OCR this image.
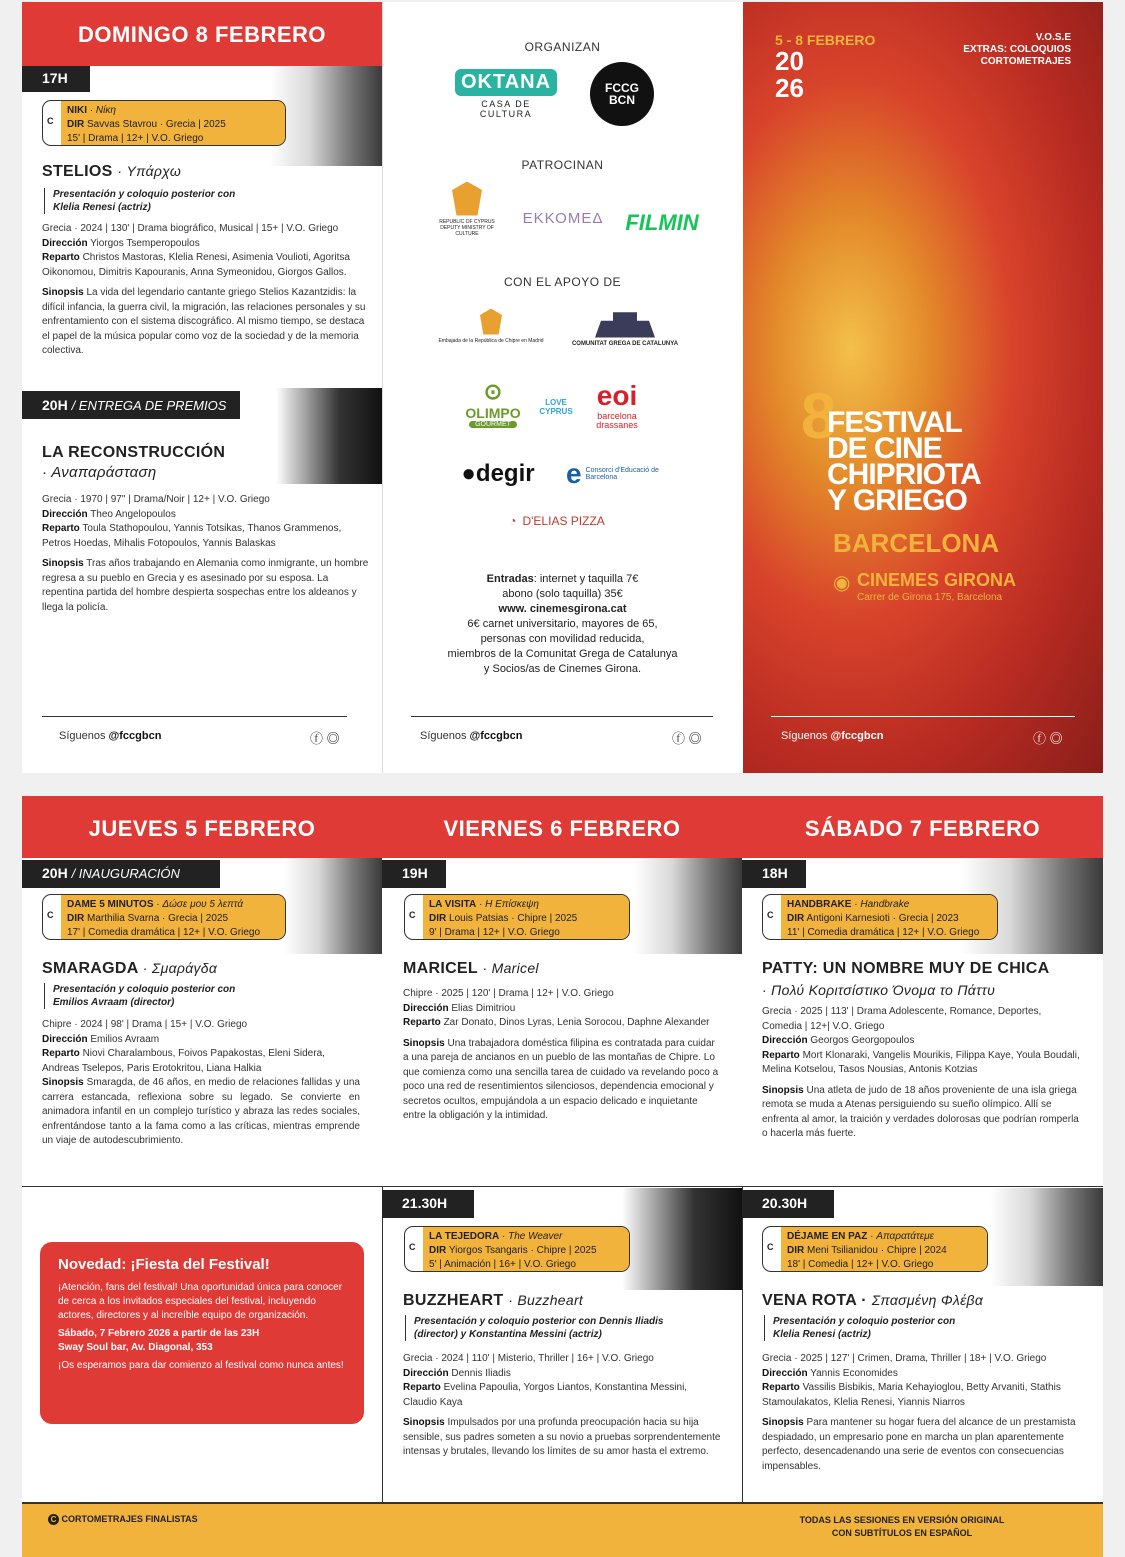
DOMINGO 8 FEBRERO
17H
C
NIKI · Νίκη
DIR Savvas Stavrou · Grecia | 2025
15' | Drama | 12+ | V.O. Griego
STELIOS · Υπάρχω
Presentación y coloquio posterior con Klelia Renesi (actriz)
Grecia · 2024 | 130' | Drama biográfico, Musical | 15+ | V.O. Griego
Dirección Yiorgos Tsemperopoulos
Reparto Christos Mastoras, Klelia Renesi, Asimenia Voulioti, Agoritsa Oikonomou, Dimitris Kapouranis, Anna Symeonidou, Giorgos Gallos.
Sinopsis La vida del legendario cantante griego Stelios Kazantzidis: la difícil infancia, la guerra civil, la migración, las relaciones personales y su enfrentamiento con el sistema discográfico. Al mismo tiempo, se destaca el papel de la música popular como voz de la sociedad y de la memoria colectiva.
20H / ENTREGA DE PREMIOS
LA RECONSTRUCCIÓN
· Αναπαράσταση
Grecia · 1970 | 97" | Drama/Noir | 12+ | V.O. Griego
Dirección Theo Angelopoulos
Reparto Toula Stathopoulou, Yannis Totsikas, Thanos Grammenos, Petros Hoedas, Mihalis Fotopoulos, Yannis Balaskas
Sinopsis Tras años trabajando en Alemania como inmigrante, un hombre regresa a su pueblo en Grecia y es asesinado por su esposa. La repentina partida del hombre despierta sospechas entre los aldeanos y llega la policía.
Síguenos @fccgbcn	ⓕ ◎
ORGANIZAN
OKTANA
CASA DE CULTURA
FCCG BCN
PATROCINAN
REPUBLIC OF CYPRUS DEPUTY MINISTRY OF CULTURE
ΕΚΚΟΜΕΔ FILMIN
CON EL APOYO DE
Embajada de la República de Chipre en Madrid	COMUNITAT GREGA DE CATALUNYA
⊙
OLIMPO
GOURMET
LOVE CYPRUS
eoi
barcelona drassanes
●degir	e Consorci d'Educació de Barcelona
◔ D'ELIAS PIZZA
Entradas: internet y taquilla 7€
abono (solo taquilla) 35€
www. cinemesgirona.cat
6€ carnet universitario, mayores de 65,
personas con movilidad reducida,
miembros de la Comunitat Grega de Catalunya
y Socios/as de Cinemes Girona.
Síguenos @fccgbcn	ⓕ ◎
5 - 8 FEBRERO
20
26
V.O.S.E
EXTRAS: COLOQUIOS
CORTOMETRAJES
8
FESTIVAL
DE CINE
CHIPRIOTA
Y GRIEGO
BARCELONA
◉ CINEMES GIRONA
Carrer de Girona 175, Barcelona
Síguenos @fccgbcn	ⓕ ◎
JUEVES 5 FEBRERO	VIERNES 6 FEBRERO	SÁBADO 7 FEBRERO
20H / INAUGURACIÓN
C
DAME 5 MINUTOS · Δώσε μου 5 λεπτά
DIR Marthilia Svarna · Grecia | 2025
17' | Comedia dramática | 12+ | V.O. Griego
SMARAGDA · Σμαράγδα
Presentación y coloquio posterior con Emilios Avraam (director)
Chipre · 2024 | 98' | Drama | 15+ | V.O. Griego
Dirección Emilios Avraam
Reparto Niovi Charalambous, Foivos Papakostas, Eleni Sidera, Andreas Tselepos, Paris Erotokritou, Liana Halkia
Sinopsis Smaragda, de 46 años, en medio de relaciones fallidas y una carrera estancada, reflexiona sobre su legado. Se convierte en animadora infantil en un complejo turístico y abraza las redes sociales, enfrentándose tanto a la fama como a las críticas, mientras emprende un viaje de autodescubrimiento.
19H
C
LA VISITA · Η Επίσκεψη
DIR Louis Patsias · Chipre | 2025
9' | Drama | 12+ | V.O. Griego
MARICEL · Maricel
Chipre · 2025 | 120' | Drama | 12+ | V.O. Griego
Dirección Elias Dimitriou
Reparto Zar Donato, Dinos Lyras, Lenia Sorocou, Daphne Alexander
Sinopsis Una trabajadora doméstica filipina es contratada para cuidar a una pareja de ancianos en un pueblo de las montañas de Chipre. Lo que comienza como una sencilla tarea de cuidado va revelando poco a poco una red de resentimientos silenciosos, dependencia emocional y secretos ocultos, empujándola a un espacio delicado e inquietante entre la obligación y la intimidad.
18H
C
HANDBRAKE · Handbrake
DIR Antigoni Karnesioti · Grecia | 2023
11' | Comedia dramática | 12+ | V.O. Griego
PATTY: UN NOMBRE MUY DE CHICA
· Πολύ Κοριτσίστικο Όνομα το Πάττυ
Grecia · 2025 | 113' | Drama Adolescente, Romance, Deportes, Comedia | 12+| V.O. Griego
Dirección Georgos Georgopoulos
Reparto Mort Klonaraki, Vangelis Mourikis, Filippa Kaye, Youla Boudali, Melina Kotselou, Tasos Nousias, Antonis Kotzias
Sinopsis Una atleta de judo de 18 años proveniente de una isla griega remota se muda a Atenas persiguiendo su sueño olímpico. Allí se enfrenta al amor, la traición y verdades dolorosas que podrían romperla o hacerla más fuerte.
Novedad: ¡Fiesta del Festival!
¡Atención, fans del festival! Una oportunidad única para conocer de cerca a los invitados especiales del festival, incluyendo actores, directores y al increíble equipo de organización.
Sábado, 7 Febrero 2026 a partir de las 23H
Sway Soul bar, Av. Diagonal, 353
¡Os esperamos para dar comienzo al festival como nunca antes!
21.30H
C
LA TEJEDORA · The Weaver
DIR Yiorgos Tsangaris · Chipre | 2025
5' | Animación | 16+ | V.O. Griego
BUZZHEART · Buzzheart
Presentación y coloquio posterior con Dennis Iliadis (director) y Konstantina Messini (actriz)
Grecia · 2024 | 110' | Misterio, Thriller | 16+ | V.O. Griego
Dirección Dennis Iliadis
Reparto Evelina Papoulia, Yorgos Liantos, Konstantina Messini, Claudio Kaya
Sinopsis Impulsados por una profunda preocupación hacia su hija sensible, sus padres someten a su novio a pruebas sorprendentemente intensas y brutales, llevando los límites de su amor hasta el extremo.
20.30H
C
DÉJAME EN PAZ · Απαρατάτεμε
DIR Meni Tsilianidou · Chipre | 2024
18' | Comedia | 12+ | V.O. Griego
VENA ROTA · Σπασμένη Φλέβα
Presentación y coloquio posterior con Klelia Renesi (actriz)
Grecia · 2025 | 127' | Crimen, Drama, Thriller | 18+ | V.O. Griego
Dirección Yannis Economides
Reparto Vassilis Bisbikis, Maria Kehayioglou, Betty Arvaniti, Stathis Stamoulakatos, Klelia Renesi, Yiannis Niarros
Sinopsis Para mantener su hogar fuera del alcance de un prestamista despiadado, un empresario pone en marcha un plan aparentemente perfecto, desencadenando una serie de eventos con consecuencias impensables.
C CORTOMETRAJES FINALISTAS	TODAS LAS SESIONES EN VERSIÓN ORIGINAL
CON SUBTÍTULOS EN ESPAÑOL
